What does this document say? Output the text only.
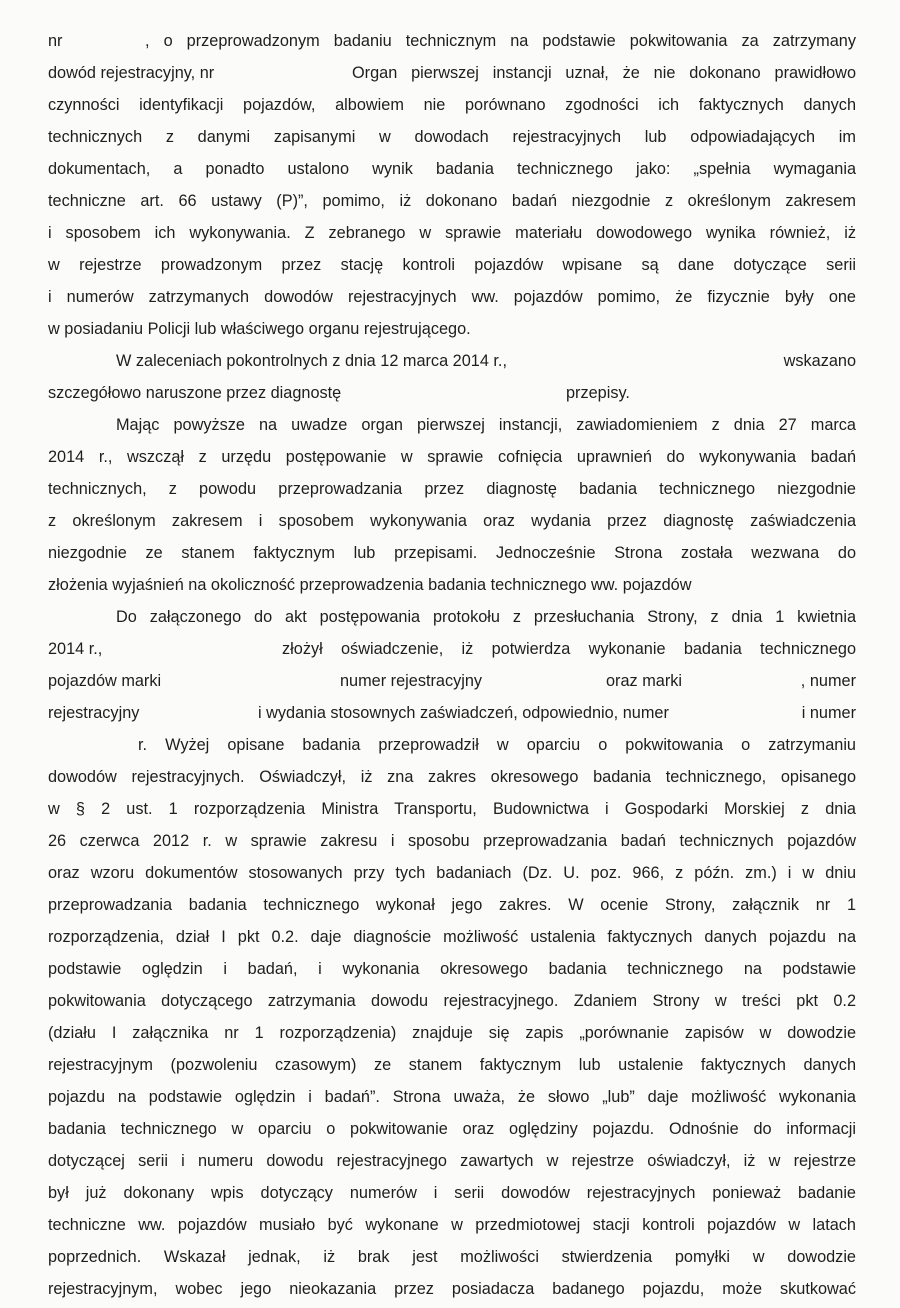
nr	, o przeprowadzonym badaniu technicznym na podstawie pokwitowania za zatrzymany
dowód rejestracyjny, nr	Organ pierwszej instancji uznał, że nie dokonano prawidłowo
czynności identyfikacji pojazdów, albowiem nie porównano zgodności ich faktycznych danych
technicznych z danymi zapisanymi w dowodach rejestracyjnych lub odpowiadających im
dokumentach, a ponadto ustalono wynik badania technicznego jako: „spełnia wymagania
techniczne art. 66 ustawy (P)”, pomimo, iż dokonano badań niezgodnie z określonym zakresem
i sposobem ich wykonywania. Z zebranego w sprawie materiału dowodowego wynika również, iż
w rejestrze prowadzonym przez stację kontroli pojazdów wpisane są dane dotyczące serii
i numerów zatrzymanych dowodów rejestracyjnych ww. pojazdów pomimo, że fizycznie były one
w posiadaniu Policji lub właściwego organu rejestrującego.
W zaleceniach pokontrolnych z dnia 12 marca 2014 r.,	wskazano
szczegółowo naruszone przez diagnostę	przepisy.
Mając powyższe na uwadze organ pierwszej instancji, zawiadomieniem z dnia 27 marca
2014 r., wszczął z urzędu postępowanie w sprawie cofnięcia uprawnień do wykonywania badań
technicznych, z powodu przeprowadzania przez diagnostę badania technicznego niezgodnie
z określonym zakresem i sposobem wykonywania oraz wydania przez diagnostę zaświadczenia
niezgodnie ze stanem faktycznym lub przepisami. Jednocześnie Strona została wezwana do
złożenia wyjaśnień na okoliczność przeprowadzenia badania technicznego ww. pojazdów
Do załączonego do akt postępowania protokołu z przesłuchania Strony, z dnia 1 kwietnia
2014 r.,	złożył oświadczenie, iż potwierdza wykonanie badania technicznego
pojazdów marki	numer rejestracyjny	oraz marki	, numer
rejestracyjny	i wydania stosownych zaświadczeń, odpowiednio, numer	i numer
r. Wyżej opisane badania przeprowadził w oparciu o pokwitowania o zatrzymaniu
dowodów rejestracyjnych. Oświadczył, iż zna zakres okresowego badania technicznego, opisanego
w § 2 ust. 1 rozporządzenia Ministra Transportu, Budownictwa i Gospodarki Morskiej z dnia
26 czerwca 2012 r. w sprawie zakresu i sposobu przeprowadzania badań technicznych pojazdów
oraz wzoru dokumentów stosowanych przy tych badaniach (Dz. U. poz. 966, z późn. zm.) i w dniu
przeprowadzania badania technicznego wykonał jego zakres. W ocenie Strony, załącznik nr 1
rozporządzenia, dział I pkt 0.2. daje diagnoście możliwość ustalenia faktycznych danych pojazdu na
podstawie oględzin i badań, i wykonania okresowego badania technicznego na podstawie
pokwitowania dotyczącego zatrzymania dowodu rejestracyjnego. Zdaniem Strony w treści pkt 0.2
(działu I załącznika nr 1 rozporządzenia) znajduje się zapis „porównanie zapisów w dowodzie
rejestracyjnym (pozwoleniu czasowym) ze stanem faktycznym lub ustalenie faktycznych danych
pojazdu na podstawie oględzin i badań”. Strona uważa, że słowo „lub” daje możliwość wykonania
badania technicznego w oparciu o pokwitowanie oraz oględziny pojazdu. Odnośnie do informacji
dotyczącej serii i numeru dowodu rejestracyjnego zawartych w rejestrze oświadczył, iż w rejestrze
był już dokonany wpis dotyczący numerów i serii dowodów rejestracyjnych ponieważ badanie
techniczne ww. pojazdów musiało być wykonane w przedmiotowej stacji kontroli pojazdów w latach
poprzednich. Wskazał jednak, iż brak jest możliwości stwierdzenia pomyłki w dowodzie
rejestracyjnym, wobec jego nieokazania przez posiadacza badanego pojazdu, może skutkować
